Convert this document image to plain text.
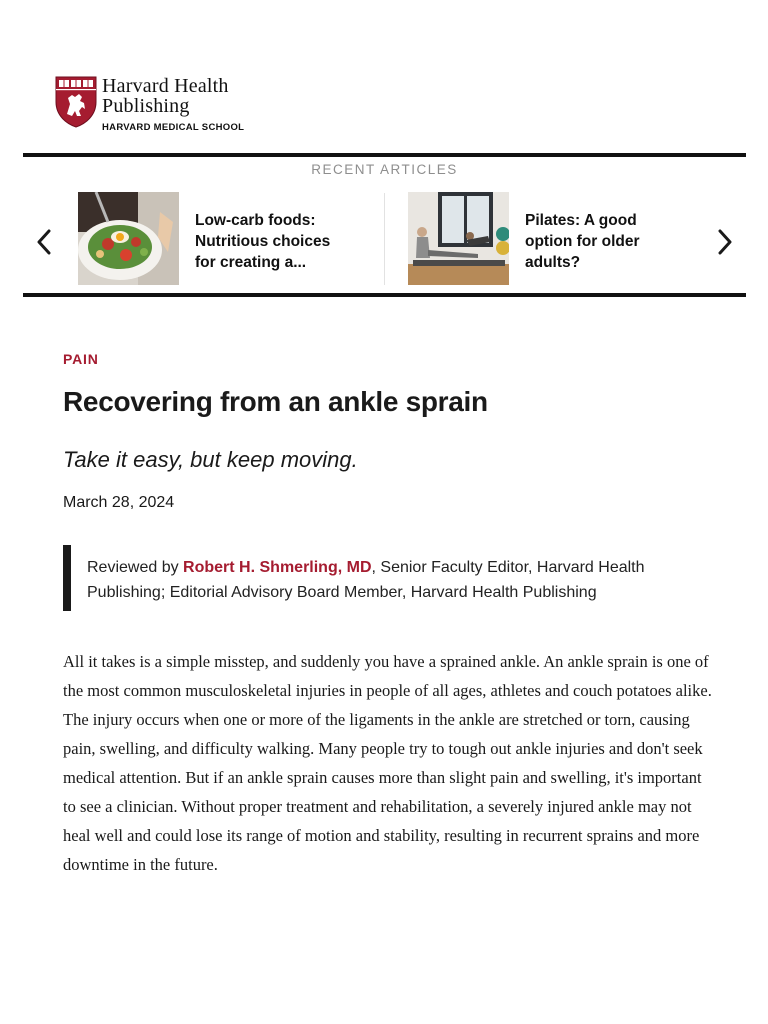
Harvard Health
Publishing
HARVARD MEDICAL SCHOOL
RECENT ARTICLES
Low-carb foods: Nutritious choices for creating a...
Pilates: A good option for older adults?
PAIN
Recovering from an ankle sprain
Take it easy, but keep moving.
March 28, 2024
Reviewed by Robert H. Shmerling, MD, Senior Faculty Editor, Harvard Health Publishing; Editorial Advisory Board Member, Harvard Health Publishing

All it takes is a simple misstep, and suddenly you have a sprained ankle. An ankle sprain is one of the most common musculoskeletal injuries in people of all ages, athletes and couch potatoes alike. The injury occurs when one or more of the ligaments in the ankle are stretched or torn, causing pain, swelling, and difficulty walking. Many people try to tough out ankle injuries and don't seek medical attention. But if an ankle sprain causes more than slight pain and swelling, it's important to see a clinician. Without proper treatment and rehabilitation, a severely injured ankle may not heal well and could lose its range of motion and stability, resulting in recurrent sprains and more downtime in the future.
